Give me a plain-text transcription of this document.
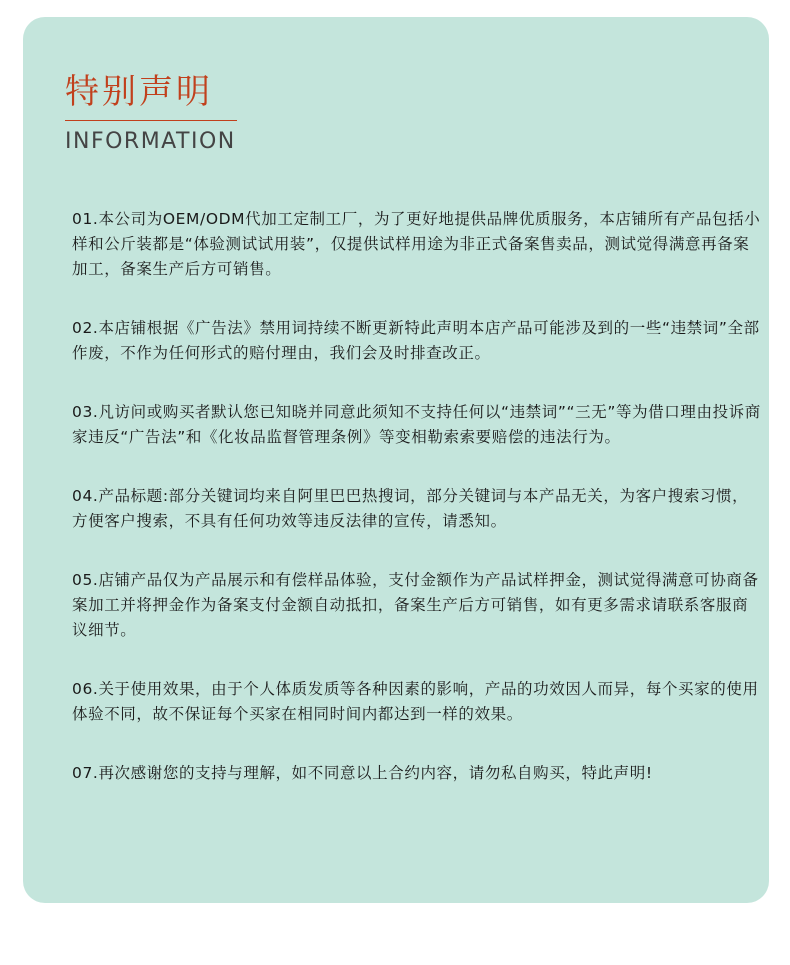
特别声明
INFORMATION

01.本公司为OEM/ODM代加工定制工厂，为了更好地提供品牌优质服务，本店铺所有产品包括小样和公斤装都是“体验测试试用装”，仅提供试样用途为非正式备案售卖品，测试觉得满意再备案加工，备案生产后方可销售。

02.本店铺根据《广告法》禁用词持续不断更新特此声明本店产品可能涉及到的一些“违禁词”全部作废，不作为任何形式的赔付理由，我们会及时排查改正。

03.凡访问或购买者默认您已知晓并同意此须知不支持任何以“违禁词”“三无”等为借口理由投诉商家违反“广告法”和《化妆品监督管理条例》等变相勒索索要赔偿的违法行为。

04.产品标题:部分关键词均来自阿里巴巴热搜词，部分关键词与本产品无关，为客户搜索习惯，方便客户搜索，不具有任何功效等违反法律的宣传，请悉知。

05.店铺产品仅为产品展示和有偿样品体验，支付金额作为产品试样押金，测试觉得满意可协商备案加工并将押金作为备案支付金额自动抵扣，备案生产后方可销售，如有更多需求请联系客服商议细节。

06.关于使用效果，由于个人体质发质等各种因素的影响，产品的功效因人而异，每个买家的使用体验不同，故不保证每个买家在相同时间内都达到一样的效果。

07.再次感谢您的支持与理解，如不同意以上合约内容，请勿私自购买，特此声明!
